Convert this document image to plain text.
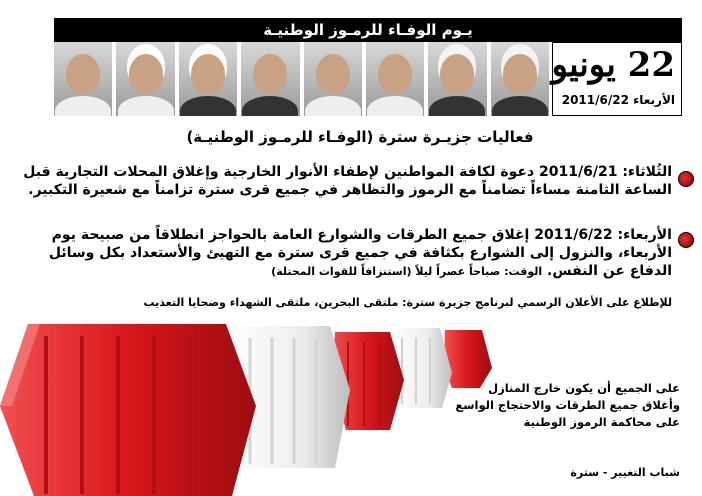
يـوم الوفـاء للرمـوز الوطنيـة
22 يونيو
الأربعاء 2011/6/22
فعاليات جزيـرة سترة (الوفـاء للرمـوز الوطنيـة)
الثُلاثاء: 2011/6/21 دعوة لكافة المواطنين لإطفاء الأنوار الخارجية وإغلاق المحلات التجارية قبل الساعة الثامنة مساءاً تضامناً مع الرموز والتظاهر في جميع قرى سترة تزامناً مع شعيرة التكبير.
الأربعاء: 2011/6/22 إغلاق جميع الطرقات والشوارع العامة بالحواجز انطلاقاً من صبيحة يوم الأربعاء، والنزول إلى الشوارع بكثافة في جميع قرى سترة مع التهيئ والأستعداد بكل وسائل الدفاع عن النفس. الوقت: صباحاً عصراً ليلاً (استنزافاً للقوات المحتلة)
للإطلاع على الأعلان الرسمي لبرنامج جزيرة سترة: ملتقى البحرين، ملتقى الشهداء وضحايا التعذيب
على الجميع أن يكون خارج المنازل
وأغلاق جميع الطرقات والاحتجاج الواسع
على محاكمة الرموز الوطنية
شباب التغيير - سترة
